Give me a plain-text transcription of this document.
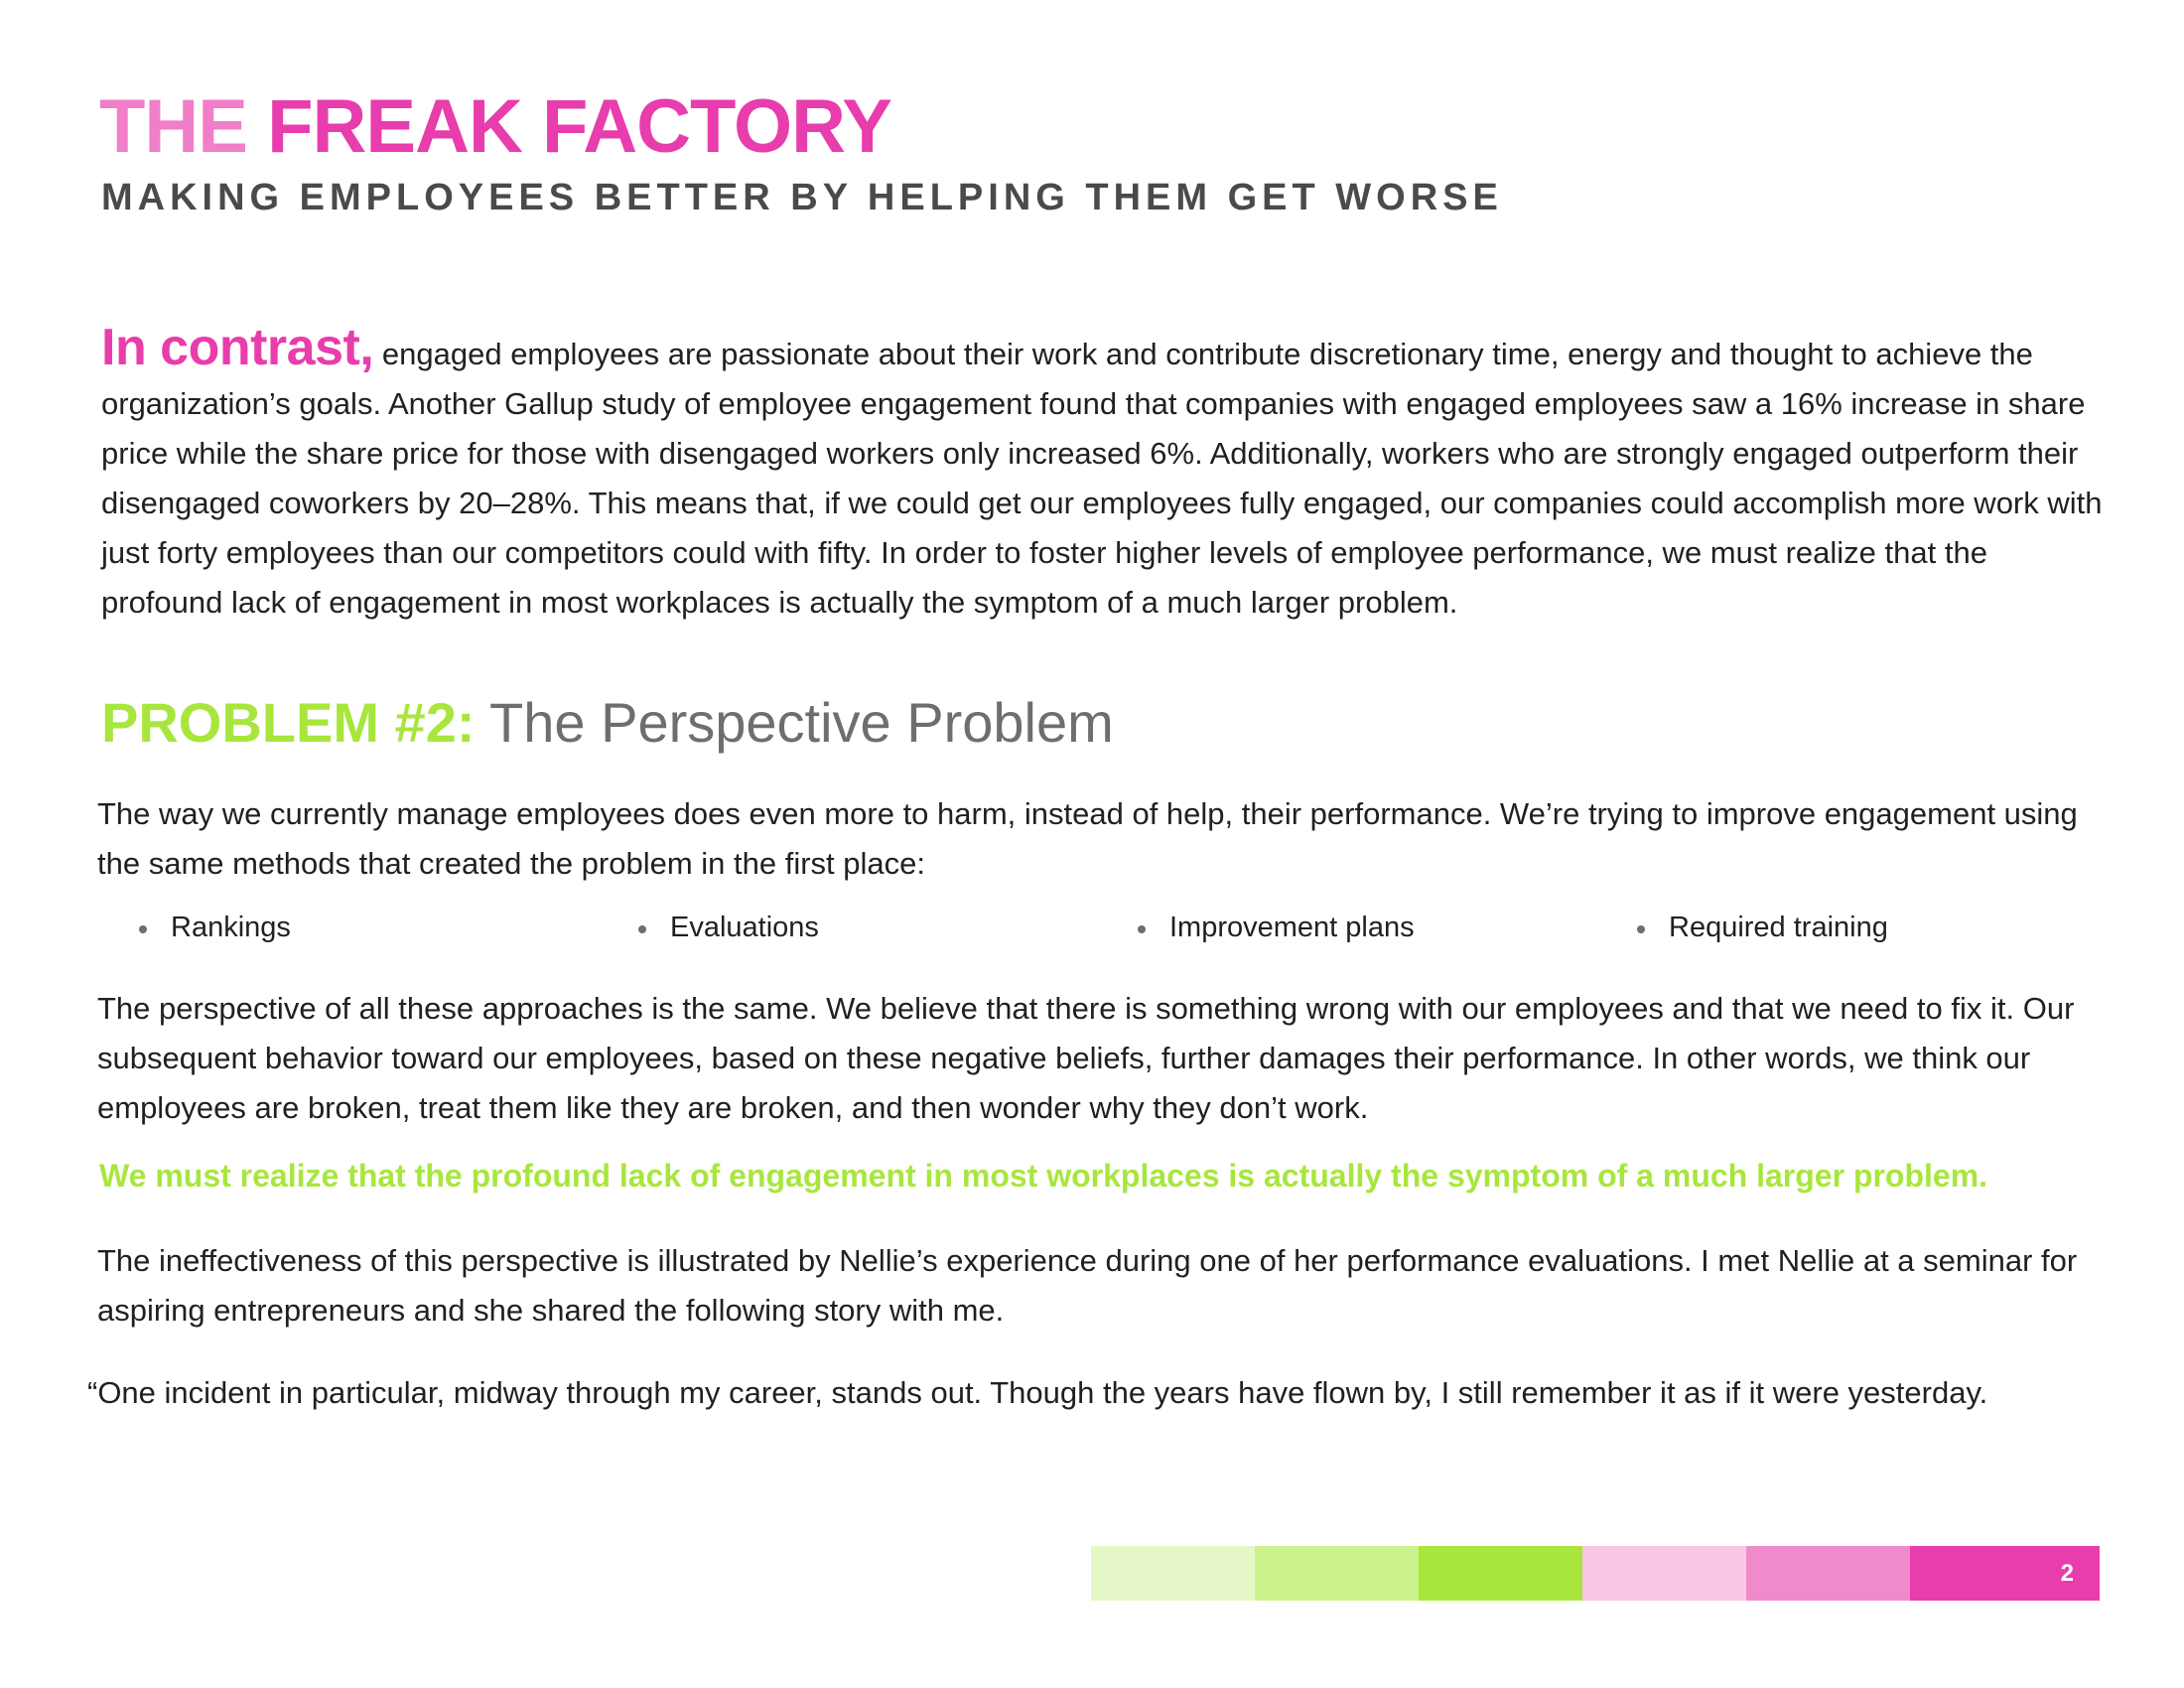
THE FREAK FACTORY
MAKING EMPLOYEES BETTER BY HELPING THEM GET WORSE

In contrast, engaged employees are passionate about their work and contribute discretionary time, energy and thought to achieve the organization’s goals. Another Gallup study of employee engagement found that companies with engaged employees saw a 16% increase in share price while the share price for those with disengaged workers only increased 6%. Additionally, workers who are strongly engaged outperform their disengaged coworkers by 20–28%. This means that, if we could get our employees fully engaged, our companies could accomplish more work with just forty employees than our competitors could with fifty. In order to foster higher levels of employee performance, we must realize that the profound lack of engagement in most workplaces is actually the symptom of a much larger problem.

PROBLEM #2: The Perspective Problem

The way we currently manage employees does even more to harm, instead of help, their performance. We’re trying to improve engagement using the same methods that created the problem in the first place:

Rankings	Evaluations	Improvement plans	Required training

The perspective of all these approaches is the same. We believe that there is something wrong with our employees and that we need to fix it. Our subsequent behavior toward our employees, based on these negative beliefs, further damages their performance. In other words, we think our employees are broken, treat them like they are broken, and then wonder why they don’t work.

We must realize that the profound lack of engagement in most workplaces is actually the symptom of a much larger problem.

The ineffectiveness of this perspective is illustrated by Nellie’s experience during one of her performance evaluations. I met Nellie at a seminar for aspiring entrepreneurs and she shared the following story with me.

“One incident in particular, midway through my career, stands out. Though the years have flown by, I still remember it as if it were yesterday.

2
